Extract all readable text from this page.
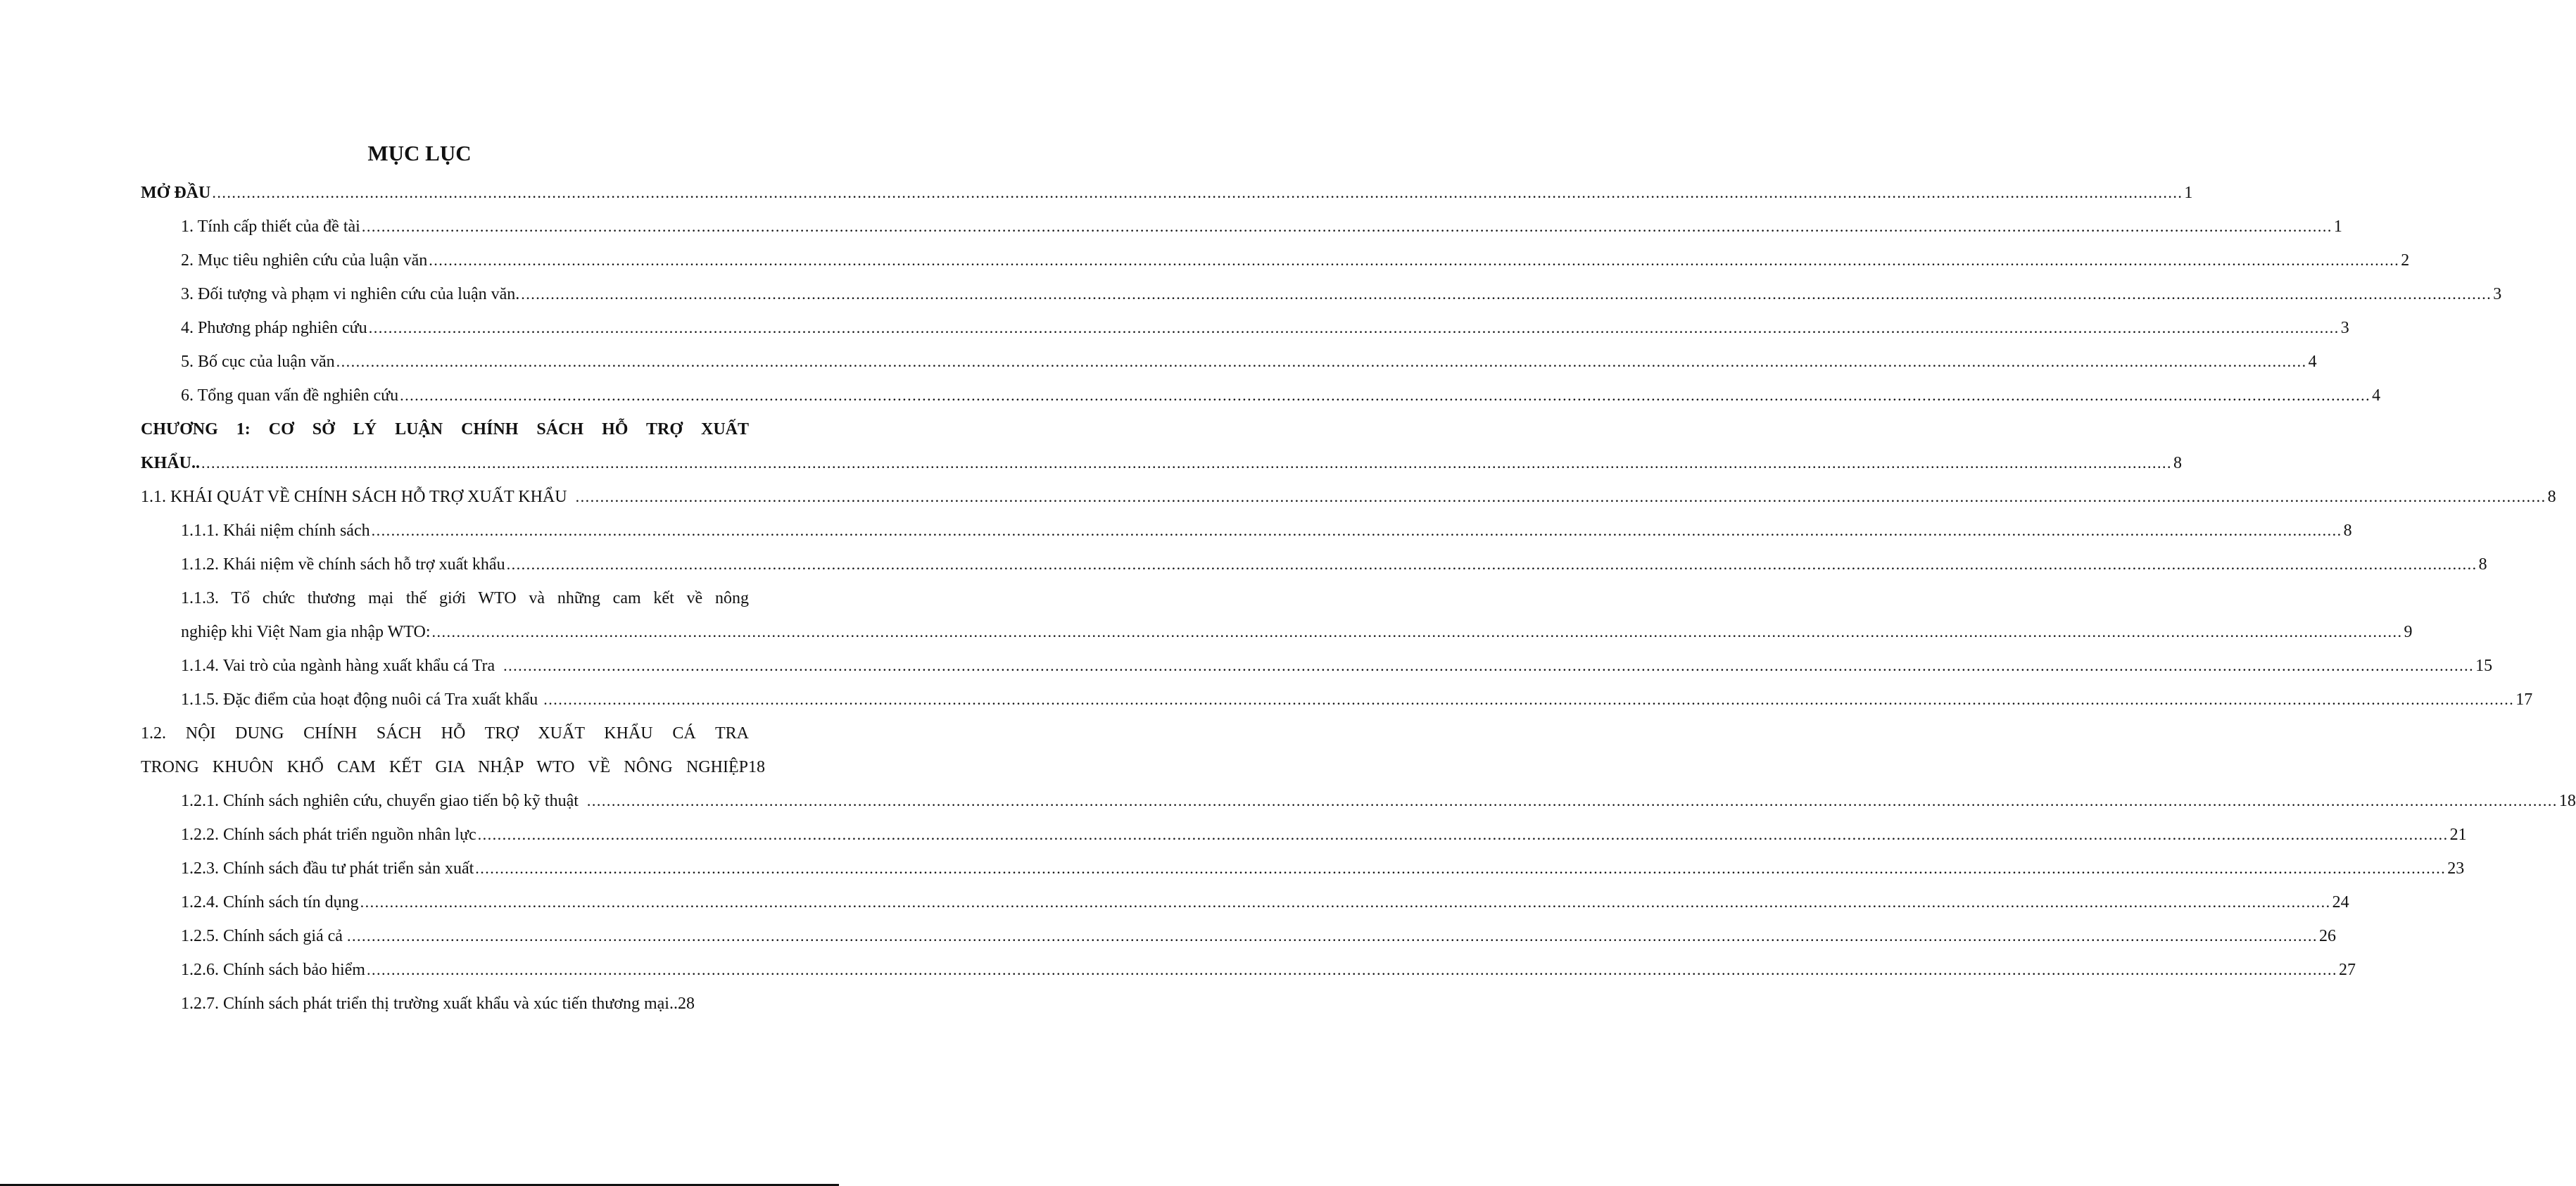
MỤC LỤC
MỞ ĐẦU ................................................................................................................................................................................................................................................................................................................................................................................................................ 1
1. Tính cấp thiết của đề tài ................................................................................................................................................................................................................................................................................................................................................................................................................ 1
2. Mục tiêu nghiên cứu của luận văn ................................................................................................................................................................................................................................................................................................................................................................................................................ 2
3. Đối tượng và phạm vi nghiên cứu của luận văn. ................................................................................................................................................................................................................................................................................................................................................................................................................ 3
4. Phương pháp nghiên cứu ................................................................................................................................................................................................................................................................................................................................................................................................................ 3
5. Bố cục của luận văn ................................................................................................................................................................................................................................................................................................................................................................................................................ 4
6. Tổng quan vấn đề nghiên cứu ................................................................................................................................................................................................................................................................................................................................................................................................................ 4
CHƯƠNG 1: CƠ SỞ LÝ LUẬN CHÍNH SÁCH HỖ TRỢ XUẤT
KHẨU.. ................................................................................................................................................................................................................................................................................................................................................................................................................ 8
1.1. KHÁI QUÁT VỀ CHÍNH SÁCH HỖ TRỢ XUẤT KHẨU ................................................................................................................................................................................................................................................................................................................................................................................................................ 8
1.1.1. Khái niệm chính sách ................................................................................................................................................................................................................................................................................................................................................................................................................ 8
1.1.2. Khái niệm về chính sách hỗ trợ xuất khẩu ................................................................................................................................................................................................................................................................................................................................................................................................................ 8
1.1.3. Tổ chức thương mại thế giới WTO và những cam kết về nông
nghiệp khi Việt Nam gia nhập WTO: ................................................................................................................................................................................................................................................................................................................................................................................................................ 9
1.1.4. Vai trò của ngành hàng xuất khẩu cá Tra ................................................................................................................................................................................................................................................................................................................................................................................................................ 15
1.1.5. Đặc điểm của hoạt động nuôi cá Tra xuất khẩu ................................................................................................................................................................................................................................................................................................................................................................................................................ 17
1.2. NỘI DUNG CHÍNH SÁCH HỖ TRỢ XUẤT KHẨU CÁ TRA
TRONG KHUÔN KHỔ CAM KẾT GIA NHẬP WTO VỀ NÔNG NGHIỆP18
1.2.1. Chính sách nghiên cứu, chuyển giao tiến bộ kỹ thuật ................................................................................................................................................................................................................................................................................................................................................................................................................ 18
1.2.2. Chính sách phát triển nguồn nhân lực ................................................................................................................................................................................................................................................................................................................................................................................................................ 21
1.2.3. Chính sách đầu tư phát triển sản xuất ................................................................................................................................................................................................................................................................................................................................................................................................................ 23
1.2.4. Chính sách tín dụng ................................................................................................................................................................................................................................................................................................................................................................................................................ 24
1.2.5. Chính sách giá cả ................................................................................................................................................................................................................................................................................................................................................................................................................ 26
1.2.6. Chính sách bảo hiểm ................................................................................................................................................................................................................................................................................................................................................................................................................ 27
1.2.7. Chính sách phát triển thị trường xuất khẩu và xúc tiến thương mại.. 28
